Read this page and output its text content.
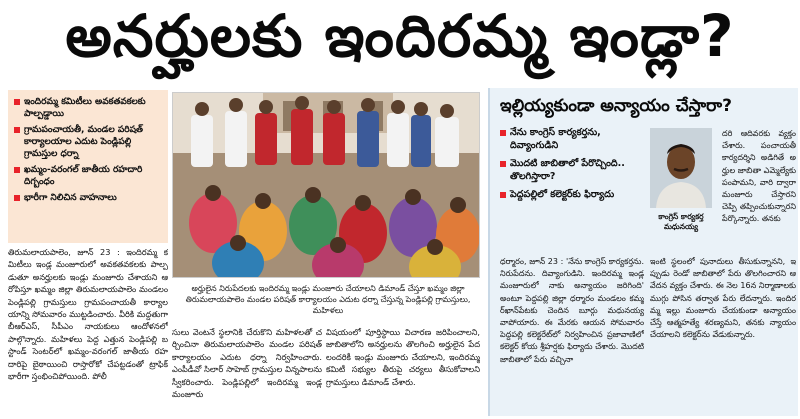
అనర్హులకు ఇందిరమ్మ ఇండ్లా?
ఇందిరమ్మ కమిటీలు అవకతవకలకు పాల్పడ్డాయి
గ్రామపంచాయతీ, మండల పరిషత్ కార్యాలయాల ఎదుట పెండ్లిపల్లి గ్రామస్తుల ధర్నా
ఖమ్మం-వరంగల్ జాతీయ రహదారి దిగ్బంధం
భారీగా నిలిచిన వాహనాలు
అర్హులైన నిరుపేదలకు ఇందిరమ్మ ఇండ్లు మంజూరు చేయాలని డిమాండ్ చేస్తూ ఖమ్మం జిల్లా తిరుమలాయపాలెం మండల పరిషత్ కార్యాలయం ఎదుట ధర్నా చేస్తున్న పెండ్లిపల్లి గ్రామస్తులు, మహిళలు
తిరుమలాయపాలెం, జూన్ 23 : ఇందిరమ్మ కమిటీలు ఇండ్ల మంజూరులో అవకతవకలకు పాల్పడుతూ అనర్హులకు ఇండ్లు మంజూరు చేశాయని ఆరోపిస్తూ ఖమ్మం జిల్లా తిరుమలాయపాలెం మండలం పెండ్లిపల్లి గ్రామస్తులు గ్రామపంచాయతీ కార్యాలయాన్ని సోమవారం ముట్టడించారు. వీరికి మద్దతుగా బీఆర్ఎస్, సీపీఎం నాయకులు ఆందోళనలో పాల్గొన్నారు. మహిళలు పెద్ద ఎత్తున పెండ్లిపల్లి బస్టాండ్ సెంటర్‌లో ఖమ్మం-వరంగల్ జాతీయ రహదారిపై బైఠాయించి రాస్తారోకో చేపట్టడంతో ట్రాఫిక్ భారీగా స్తంభించిపోయింది. పోలీ
సులు వెంటనే స్థలానికి చేరుకొని మహిళలతో చర్చించినా తిరుమలాయపాలెం మండల పరిషత్ కార్యాలయం ఎదుట ధర్నా నిర్వహించారు. ఎంపీడీవో సిలార్ సాహెబ్ గ్రామస్తుల విన్నపాలను స్వీకరించారు. పెండ్లిపల్లిలో ఇందిరమ్మ ఇండ్ల మంజూరు
విషయంలో పూర్తిస్థాయి విచారణ జరిపించాలని, జాబితాలోని అనర్హులను తొలగించి అర్హులైన పేదలందరికీ ఇండ్లు మంజూరు చేయాలని, ఇందిరమ్మ కమిటీ సభ్యుల తీరుపై చర్యలు తీసుకోవాలని గ్రామస్తులు డిమాండ్ చేశారు.
ఇల్లియ్యకుండా అన్యాయం చేస్తారా?
నేను కాంగ్రెస్ కార్యకర్తను, దివ్యాంగుడిని
మొదటి జాబితాలో పేరొచ్చింది.. తొలగిస్తారా?
పెద్దపల్లిలో కలెక్టర్‌కు ఫిర్యాదు
కాంగ్రెస్ కార్యకర్త మధునయ్య
దరి ఆదివరకు వ్యక్తం చేశారు. పంచాయతీ కార్యదర్శిని అడిగితే అర్హుల జాబితా ఎమ్మెల్యేకు పంపామని, వారి ద్వారా మంజూరు చేస్తారని చెప్పి తప్పించుకున్నారని పేర్కొన్నారు. తనకు
ధర్మారం, జూన్ 23 : 'నేను కాంగ్రెస్ కార్యకర్తను. నిరుపేదను. దివ్యాంగుడిని. ఇందిరమ్మ ఇండ్ల మంజూరులో నాకు అన్యాయం జరిగింది' అంటూ పెద్దపల్లి జిల్లా ధర్మారం మండలం కమ్మర్‌ఖాన్‌పేటకు చెందిన బూర్గు మధునయ్య వాపోయారు. ఈ మేరకు ఆయన సోమవారం పెద్దపల్లి కలెక్టరేట్‌లో నిర్వహించిన ప్రజావాణిలో కలెక్టర్ కోయ శ్రీహర్షకు ఫిర్యాదు చేశారు. మొదటి జాబితాలో పేరు వచ్చినా
ఇంటి స్థలంలో పునాదులు తీసుకున్నానని, ఇప్పుడు రెండో జాబితాలో పేరు తొలగించారని ఆవేదన వ్యక్తం చేశారు. ఈ నెల 16న నిర్మాణాలకు ముగ్గు పోసిన తర్వాత పేరు లేదన్నారు. ఇందిరమ్మ ఇల్లు మంజూరు చేయకుండా అన్యాయం చేస్తే ఆత్మహత్యే శరణ్యమని, తనకు న్యాయం చేయాలని కలెక్టర్‌ను వేడుకున్నారు.
